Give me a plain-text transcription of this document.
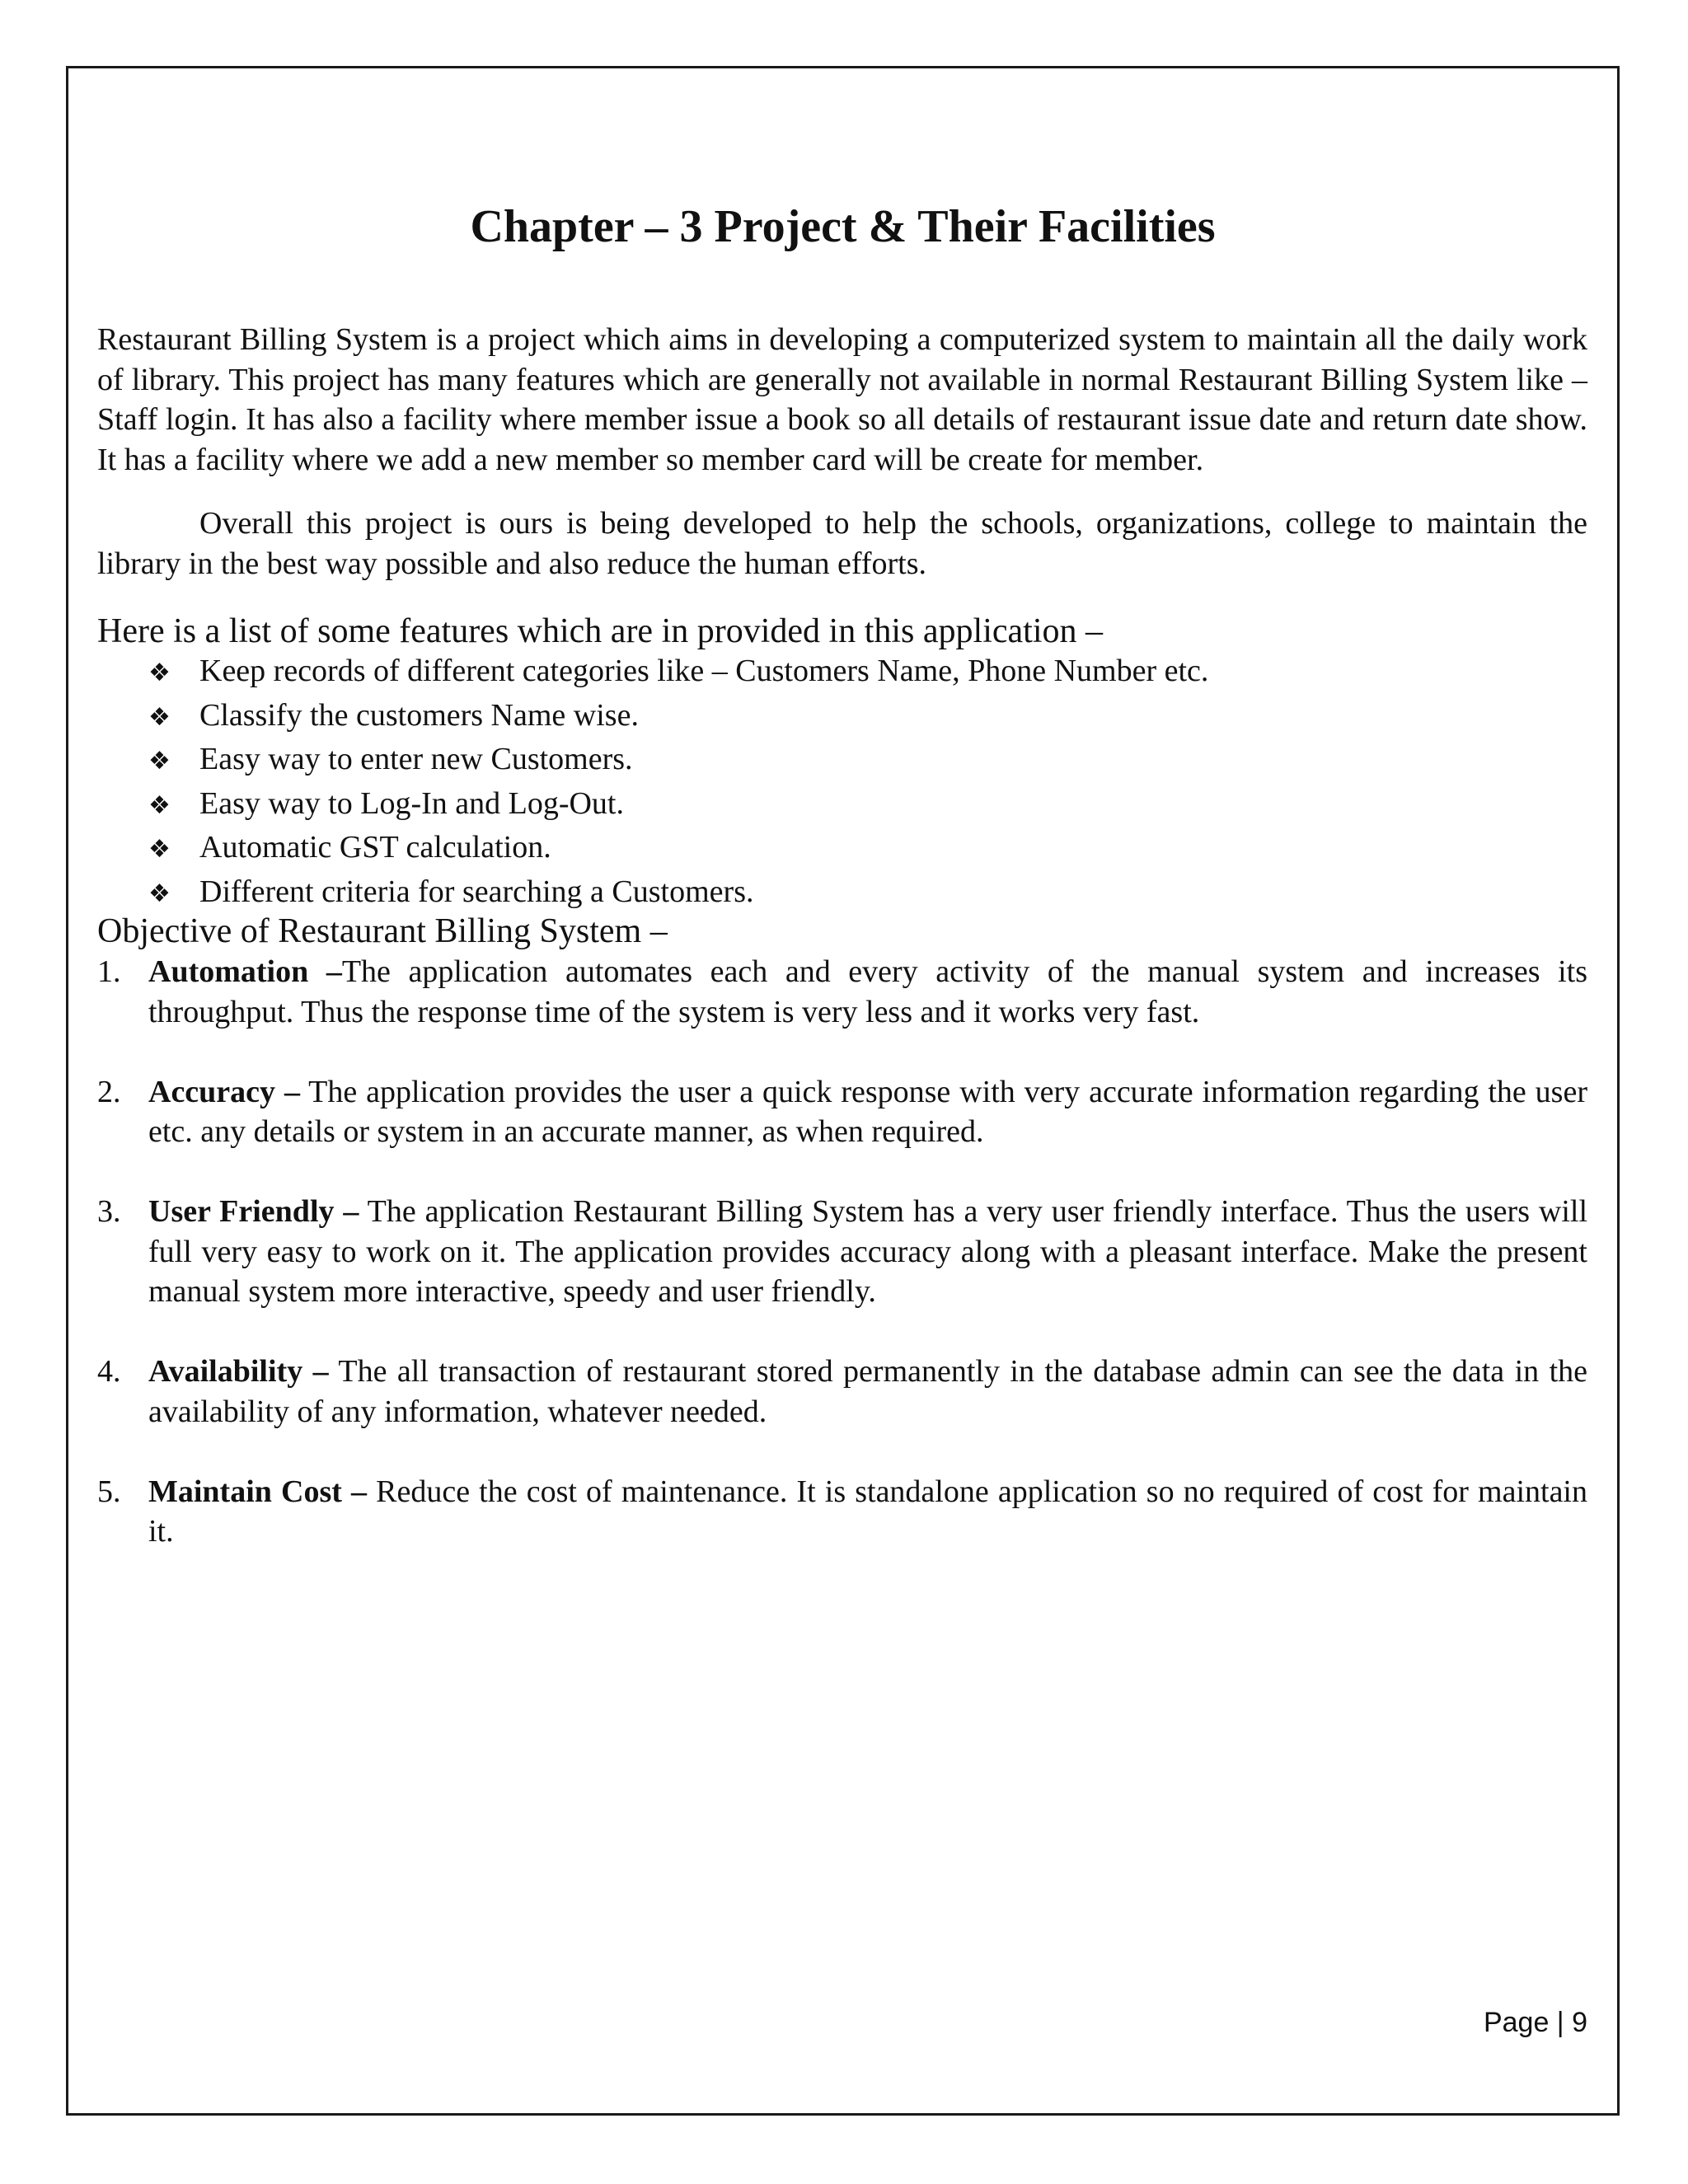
Chapter – 3 Project & Their Facilities

Restaurant Billing System is a project which aims in developing a computerized system to maintain all the daily work of library. This project has many features which are generally not available in normal Restaurant Billing System like – Staff login. It has also a facility where member issue a book so all details of restaurant issue date and return date show. It has a facility where we add a new member so member card will be create for member.

Overall this project is ours is being developed to help the schools, organizations, college to maintain the library in the best way possible and also reduce the human efforts.

Here is a list of some features which are in provided in this application –

❖ Keep records of different categories like – Customers Name, Phone Number etc.
❖ Classify the customers Name wise.
❖ Easy way to enter new Customers.
❖ Easy way to Log-In and Log-Out.
❖ Automatic GST calculation.
❖ Different criteria for searching a Customers.

Objective of Restaurant Billing System –

1. Automation –The application automates each and every activity of the manual system and increases its throughput. Thus the response time of the system is very less and it works very fast.
2. Accuracy – The application provides the user a quick response with very accurate information regarding the user etc. any details or system in an accurate manner, as when required.
3. User Friendly – The application Restaurant Billing System has a very user friendly interface. Thus the users will full very easy to work on it. The application provides accuracy along with a pleasant interface. Make the present manual system more interactive, speedy and user friendly.
4. Availability – The all transaction of restaurant stored permanently in the database admin can see the data in the availability of any information, whatever needed.
5. Maintain Cost – Reduce the cost of maintenance. It is standalone application so no required of cost for maintain it.

Page | 9
